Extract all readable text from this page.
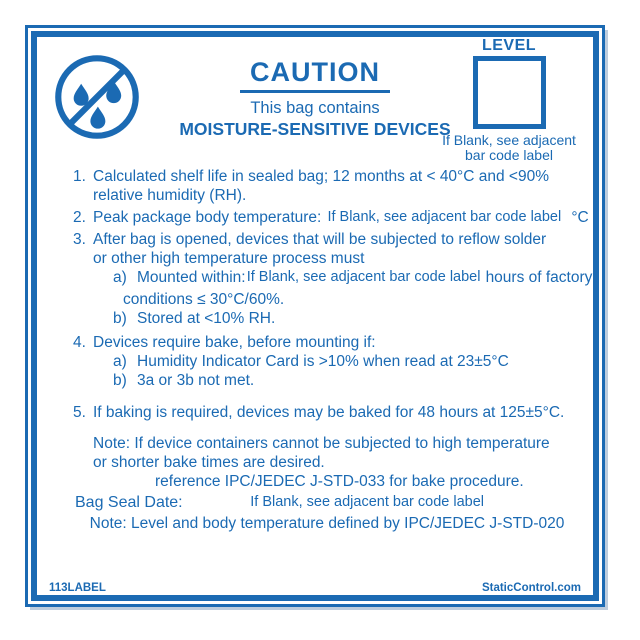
CAUTION
This bag contains
MOISTURE-SENSITIVE DEVICES
LEVEL
If Blank, see adjacent bar code label
1. Calculated shelf life in sealed bag; 12 months at < 40°C and <90%
relative humidity (RH).
2. Peak package body temperature: If Blank, see adjacent bar code label °C
3. After bag is opened, devices that will be subjected to reflow solder
or other high temperature process must
a) Mounted within: If Blank, see adjacent bar code label hours of factory
conditions ≤ 30°C/60%.
b) Stored at <10% RH.
4. Devices require bake, before mounting if:
a) Humidity Indicator Card is >10% when read at 23±5°C
b) 3a or 3b not met.
5. If baking is required, devices may be baked for 48 hours at 125±5°C.
Note: If device containers cannot be subjected to high temperature
or shorter bake times are desired.
reference IPC/JEDEC J-STD-033 for bake procedure.
Bag Seal Date:	If Blank, see adjacent bar code label
Note: Level and body temperature defined by IPC/JEDEC J-STD-020
113LABEL	StaticControl.com
